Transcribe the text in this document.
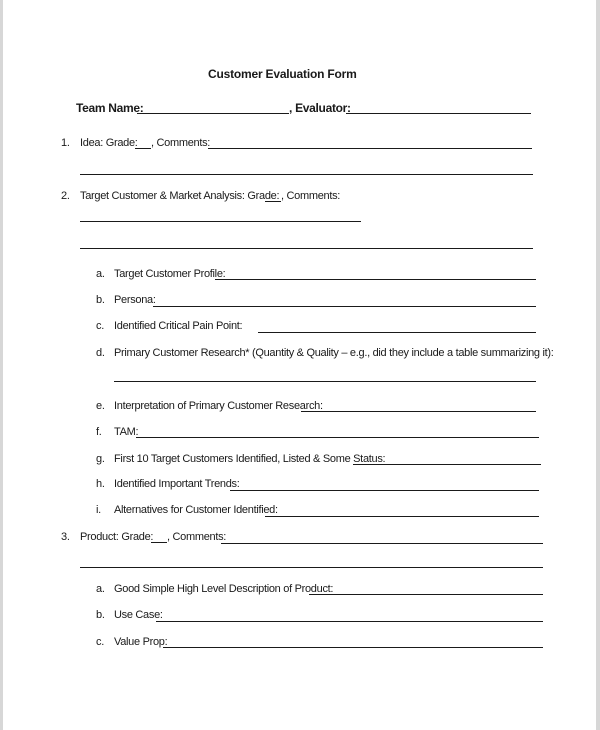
Customer Evaluation Form
Team Name:	, Evaluator:
1. Idea: Grade: , Comments:
2. Target Customer & Market Analysis: Grade: , Comments:
a. Target Customer Profile:
b. Persona:
c. Identified Critical Pain Point:
d. Primary Customer Research* (Quantity & Quality – e.g., did they include a table summarizing it):
e. Interpretation of Primary Customer Research:
f. TAM:
g. First 10 Target Customers Identified, Listed & Some Status:
h. Identified Important Trends:
i. Alternatives for Customer Identified:
3. Product: Grade: , Comments:
a. Good Simple High Level Description of Product:
b. Use Case:
c. Value Prop:
